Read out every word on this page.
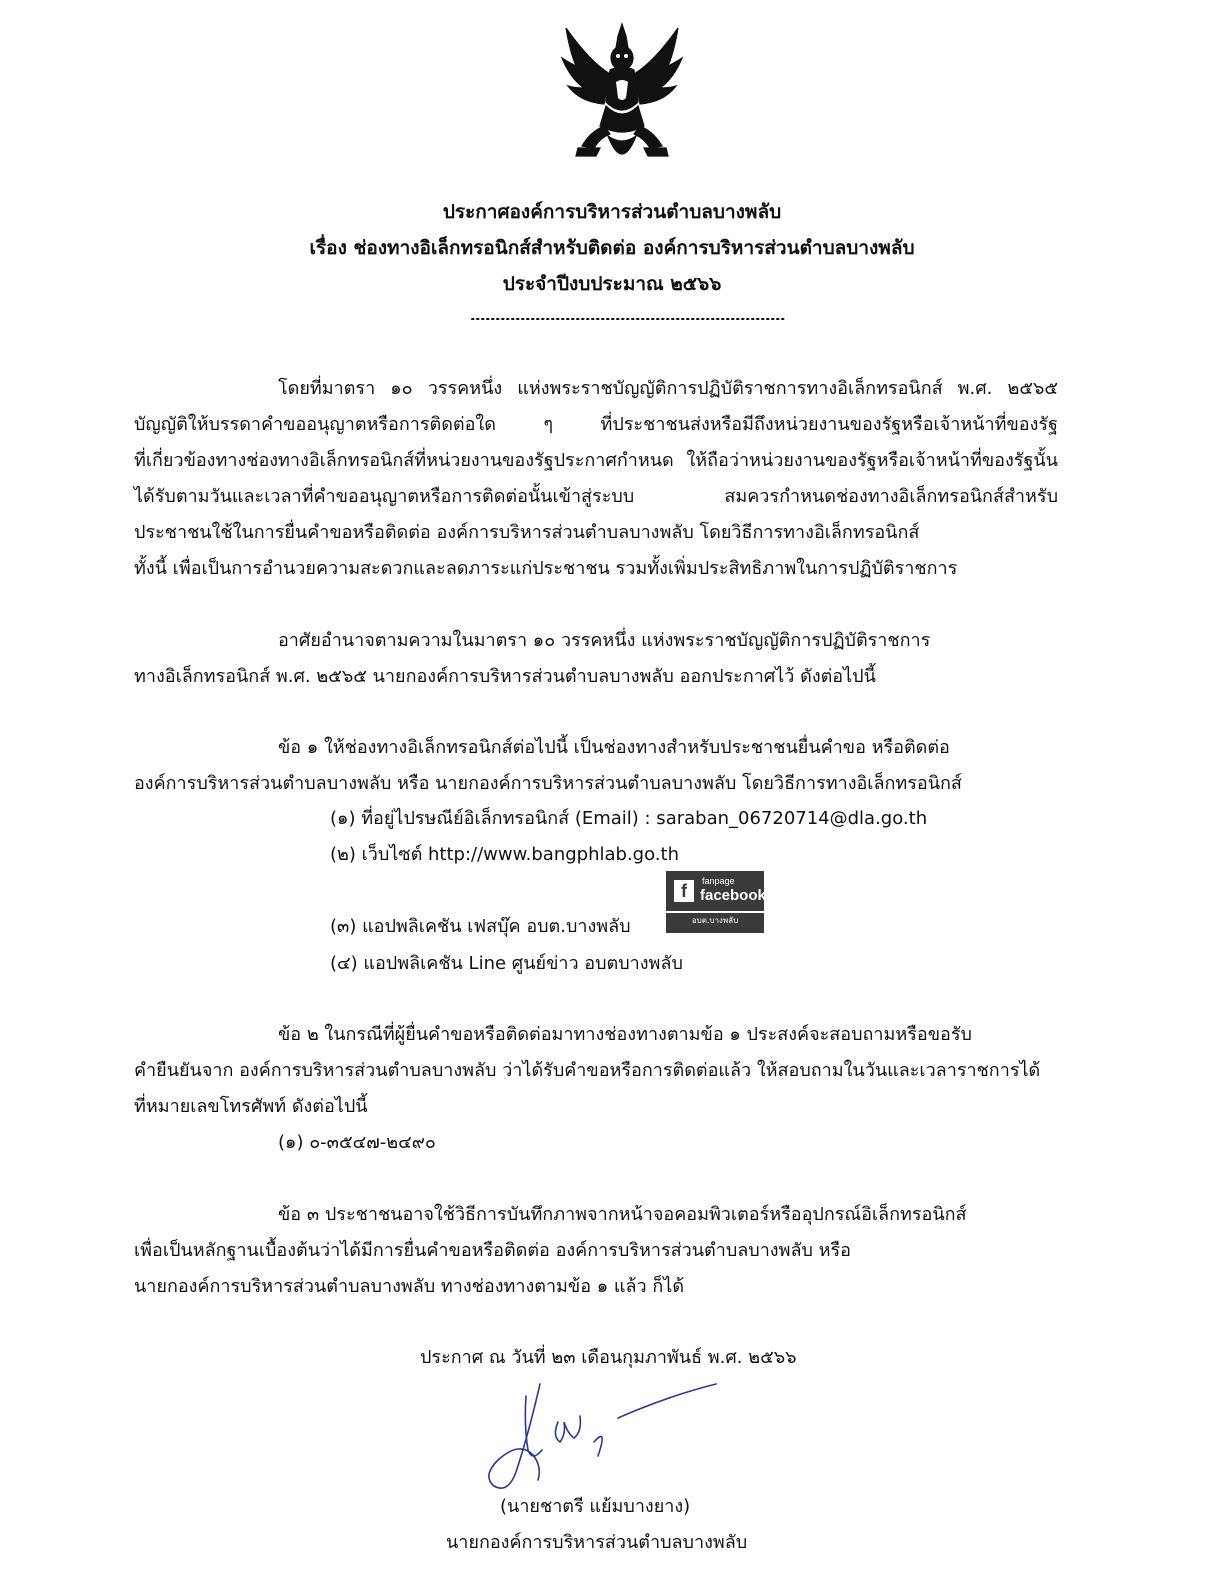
ประกาศองค์การบริหารส่วนตำบลบางพลับ
เรื่อง ช่องทางอิเล็กทรอนิกส์สำหรับติดต่อ องค์การบริหารส่วนตำบลบางพลับ
ประจำปีงบประมาณ ๒๕๖๖
โดยที่มาตรา ๑๐ วรรคหนึ่ง แห่งพระราชบัญญัติการปฏิบัติราชการทางอิเล็กทรอนิกส์ พ.ศ. ๒๕๖๕
บัญญัติให้บรรดาคำขออนุญาตหรือการติดต่อใด ๆ ที่ประชาชนส่งหรือมีถึงหน่วยงานของรัฐหรือเจ้าหน้าที่ของรัฐ
ที่เกี่ยวข้องทางช่องทางอิเล็กทรอนิกส์ที่หน่วยงานของรัฐประกาศกำหนด ให้ถือว่าหน่วยงานของรัฐหรือเจ้าหน้าที่ของรัฐนั้น
ได้รับตามวันและเวลาที่คำขออนุญาตหรือการติดต่อนั้นเข้าสู่ระบบ สมควรกำหนดช่องทางอิเล็กทรอนิกส์สำหรับ
ประชาชนใช้ในการยื่นคำขอหรือติดต่อ องค์การบริหารส่วนตำบลบางพลับ โดยวิธีการทางอิเล็กทรอนิกส์
ทั้งนี้ เพื่อเป็นการอำนวยความสะดวกและลดภาระแก่ประชาชน รวมทั้งเพิ่มประสิทธิภาพในการปฏิบัติราชการ
อาศัยอำนาจตามความในมาตรา ๑๐ วรรคหนึ่ง แห่งพระราชบัญญัติการปฏิบัติราชการ
ทางอิเล็กทรอนิกส์ พ.ศ. ๒๕๖๕ นายกองค์การบริหารส่วนตำบลบางพลับ ออกประกาศไว้ ดังต่อไปนี้
ข้อ ๑ ให้ช่องทางอิเล็กทรอนิกส์ต่อไปนี้ เป็นช่องทางสำหรับประชาชนยื่นคำขอ หรือติดต่อ
องค์การบริหารส่วนตำบลบางพลับ หรือ นายกองค์การบริหารส่วนตำบลบางพลับ โดยวิธีการทางอิเล็กทรอนิกส์
(๑) ที่อยู่ไปรษณีย์อิเล็กทรอนิกส์ (Email) : saraban_06720714@dla.go.th
(๒) เว็บไซต์ http://www.bangphlab.go.th
(๓) แอปพลิเคชัน เฟสบุ๊ค อบต.บางพลับ
(๔) แอปพลิเคชัน Line ศูนย์ข่าว อบตบางพลับ
f	fanpage
facebook.
อบต.บางพลับ
ข้อ ๒ ในกรณีที่ผู้ยื่นคำขอหรือติดต่อมาทางช่องทางตามข้อ ๑ ประสงค์จะสอบถามหรือขอรับ
คำยืนยันจาก องค์การบริหารส่วนตำบลบางพลับ ว่าได้รับคำขอหรือการติดต่อแล้ว ให้สอบถามในวันและเวลาราชการได้
ที่หมายเลขโทรศัพท์ ดังต่อไปนี้
(๑) ๐-๓๕๔๗-๒๔๙๐
ข้อ ๓ ประชาชนอาจใช้วิธีการบันทึกภาพจากหน้าจอคอมพิวเตอร์หรืออุปกรณ์อิเล็กทรอนิกส์
เพื่อเป็นหลักฐานเบื้องต้นว่าได้มีการยื่นคำขอหรือติดต่อ องค์การบริหารส่วนตำบลบางพลับ หรือ
นายกองค์การบริหารส่วนตำบลบางพลับ ทางช่องทางตามข้อ ๑ แล้ว ก็ได้
ประกาศ ณ วันที่ ๒๓ เดือนกุมภาพันธ์ พ.ศ. ๒๕๖๖
(นายชาตรี แย้มบางยาง)
นายกองค์การบริหารส่วนตำบลบางพลับ
